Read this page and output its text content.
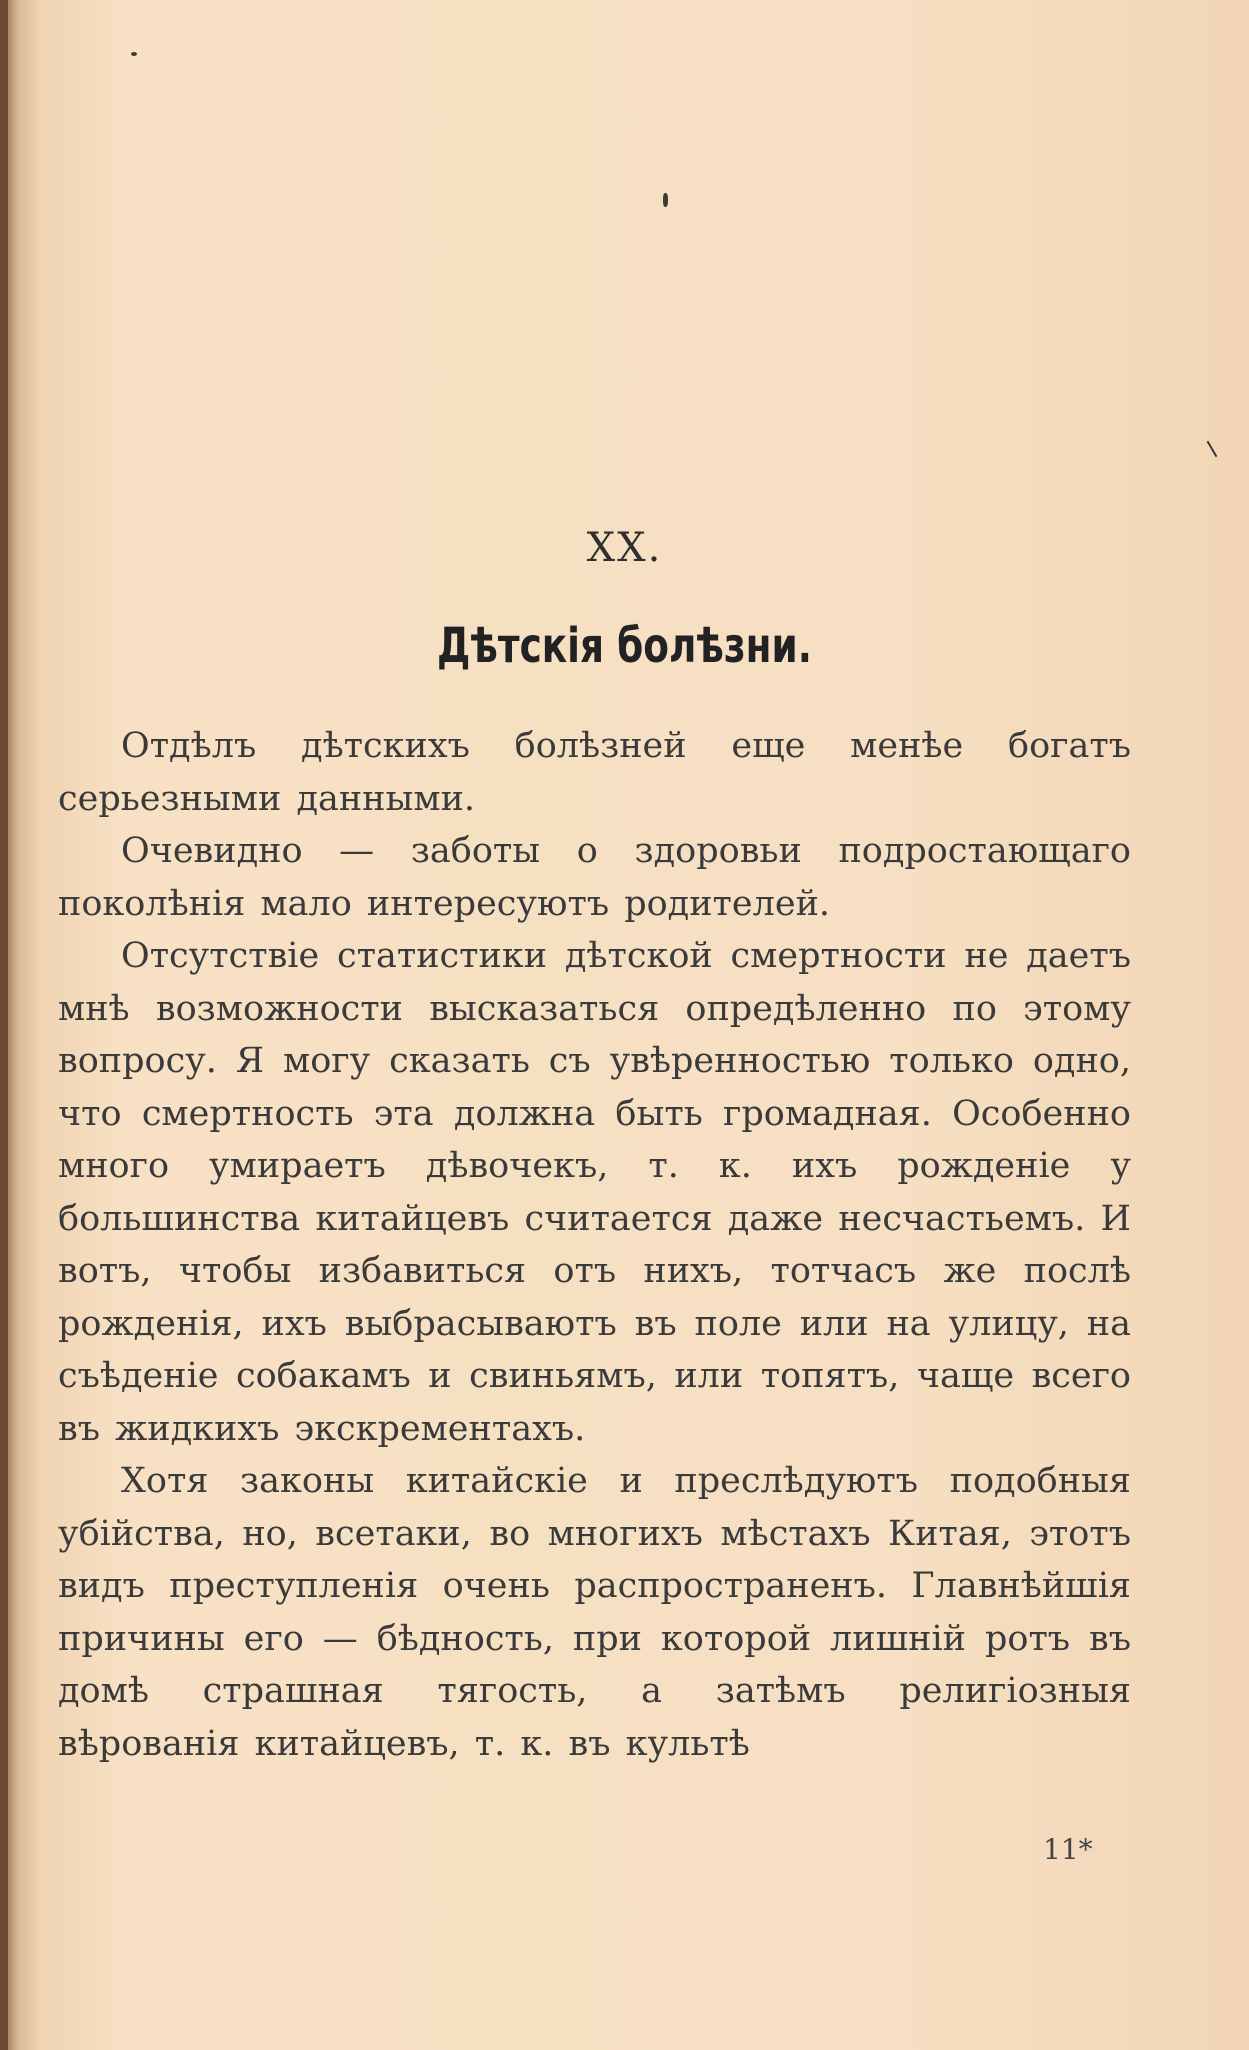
XX.
Дѣтскія болѣзни.

Отдѣлъ дѣтскихъ болѣзней еще менѣе богатъ серьезными данными.

Очевидно — заботы о здоровьи подростающаго поколѣнія мало интересуютъ родителей.

Отсутствіе статистики дѣтской смертности не даетъ мнѣ возможности высказаться опредѣленно по этому вопросу. Я могу сказать съ увѣренностью только одно, что смертность эта должна быть громадная. Особенно много умираетъ дѣвочекъ, т. к. ихъ рожденіе у большинства китайцевъ считается даже несчастьемъ. И вотъ, чтобы избавиться отъ нихъ, тотчасъ же послѣ рожденія, ихъ выбрасываютъ въ поле или на улицу, на съѣденіе собакамъ и свиньямъ, или топятъ, чаще всего въ жидкихъ экскрементахъ.

Хотя законы китайскіе и преслѣдуютъ подобныя убійства, но, всетаки, во многихъ мѣстахъ Китая, этотъ видъ преступленія очень распространенъ. Главнѣйшія причины его — бѣдность, при которой лишній ротъ въ домѣ страшная тягость, а затѣмъ религіозныя вѣрованія китайцевъ, т. к. въ культѣ

11*
